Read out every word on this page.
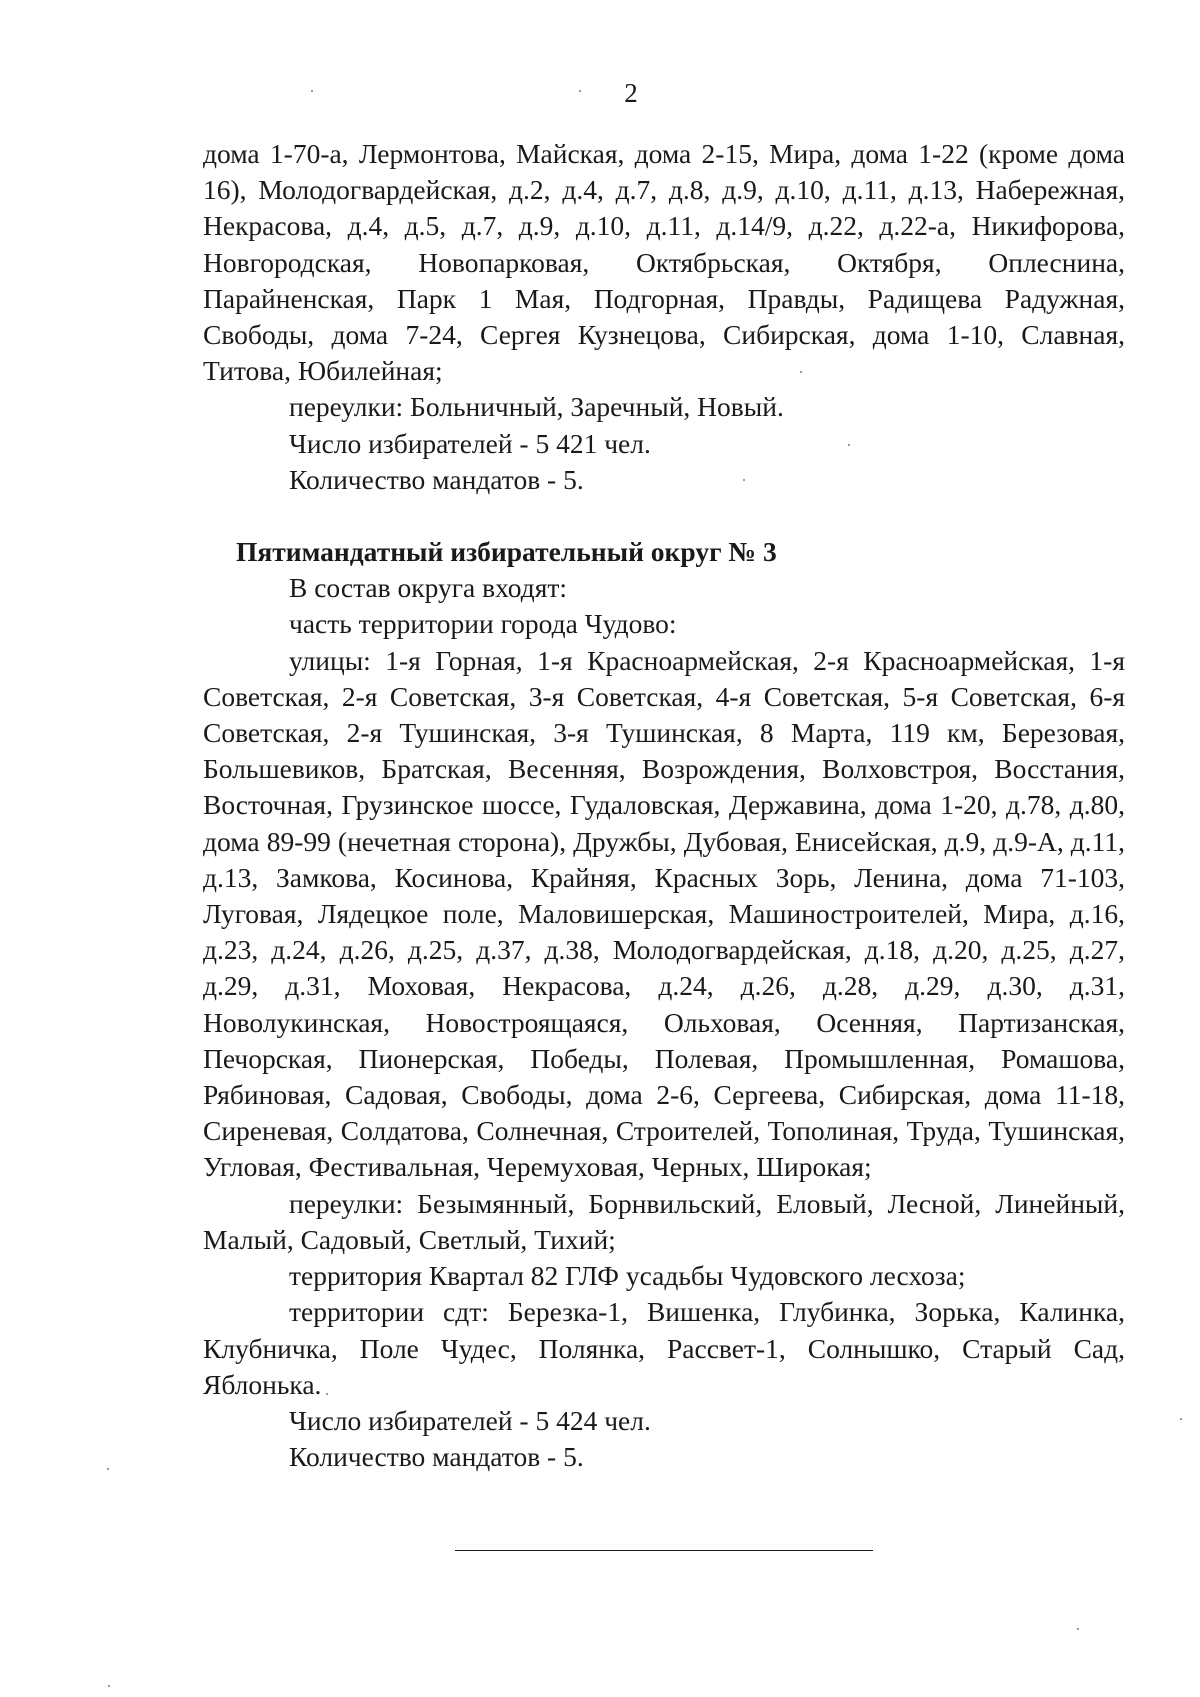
2

дома 1-70-а, Лермонтова, Майская, дома 2-15, Мира, дома 1-22 (кроме дома 16), Молодогвардейская, д.2, д.4, д.7, д.8, д.9, д.10, д.11, д.13, Набережная, Некрасова, д.4, д.5, д.7, д.9, д.10, д.11, д.14/9, д.22, д.22-а, Никифорова, Новгородская, Новопарковая, Октябрьская, Октября, Оплеснина, Парайненская, Парк 1 Мая, Подгорная, Правды, Радищева Радужная, Свободы, дома 7-24, Сергея Кузнецова, Сибирская, дома 1-10, Славная, Титова, Юбилейная;

переулки: Больничный, Заречный, Новый.

Число избирателей - 5 421 чел.

Количество мандатов - 5.

Пятимандатный избирательный округ № 3

В состав округа входят:

часть территории города Чудово:

улицы: 1-я Горная, 1-я Красноармейская, 2-я Красноармейская, 1-я Советская, 2-я Советская, 3-я Советская, 4-я Советская, 5-я Советская, 6-я Советская, 2-я Тушинская, 3-я Тушинская, 8 Марта, 119 км, Березовая, Большевиков, Братская, Весенняя, Возрождения, Волховстроя, Восстания, Восточная, Грузинское шоссе, Гудаловская, Державина, дома 1-20, д.78, д.80, дома 89-99 (нечетная сторона), Дружбы, Дубовая, Енисейская, д.9, д.9-А, д.11, д.13, Замкова, Косинова, Крайняя, Красных Зорь, Ленина, дома 71-103, Луговая, Лядецкое поле, Маловишерская, Машиностроителей, Мира, д.16, д.23, д.24, д.26, д.25, д.37, д.38, Молодогвардейская, д.18, д.20, д.25, д.27, д.29, д.31, Моховая, Некрасова, д.24, д.26, д.28, д.29, д.30, д.31, Новолукинская, Новостроящаяся, Ольховая, Осенняя, Партизанская, Печорская, Пионерская, Победы, Полевая, Промышленная, Ромашова, Рябиновая, Садовая, Свободы, дома 2-6, Сергеева, Сибирская, дома 11-18, Сиреневая, Солдатова, Солнечная, Строителей, Тополиная, Труда, Тушинская, Угловая, Фестивальная, Черемуховая, Черных, Широкая;

переулки: Безымянный, Борнвильский, Еловый, Лесной, Линейный, Малый, Садовый, Светлый, Тихий;

территория Квартал 82 ГЛФ усадьбы Чудовского лесхоза;

территории сдт: Березка-1, Вишенка, Глубинка, Зорька, Калинка, Клубничка, Поле Чудес, Полянка, Рассвет-1, Солнышко, Старый Сад, Яблонька.

Число избирателей - 5 424 чел.

Количество мандатов - 5.
